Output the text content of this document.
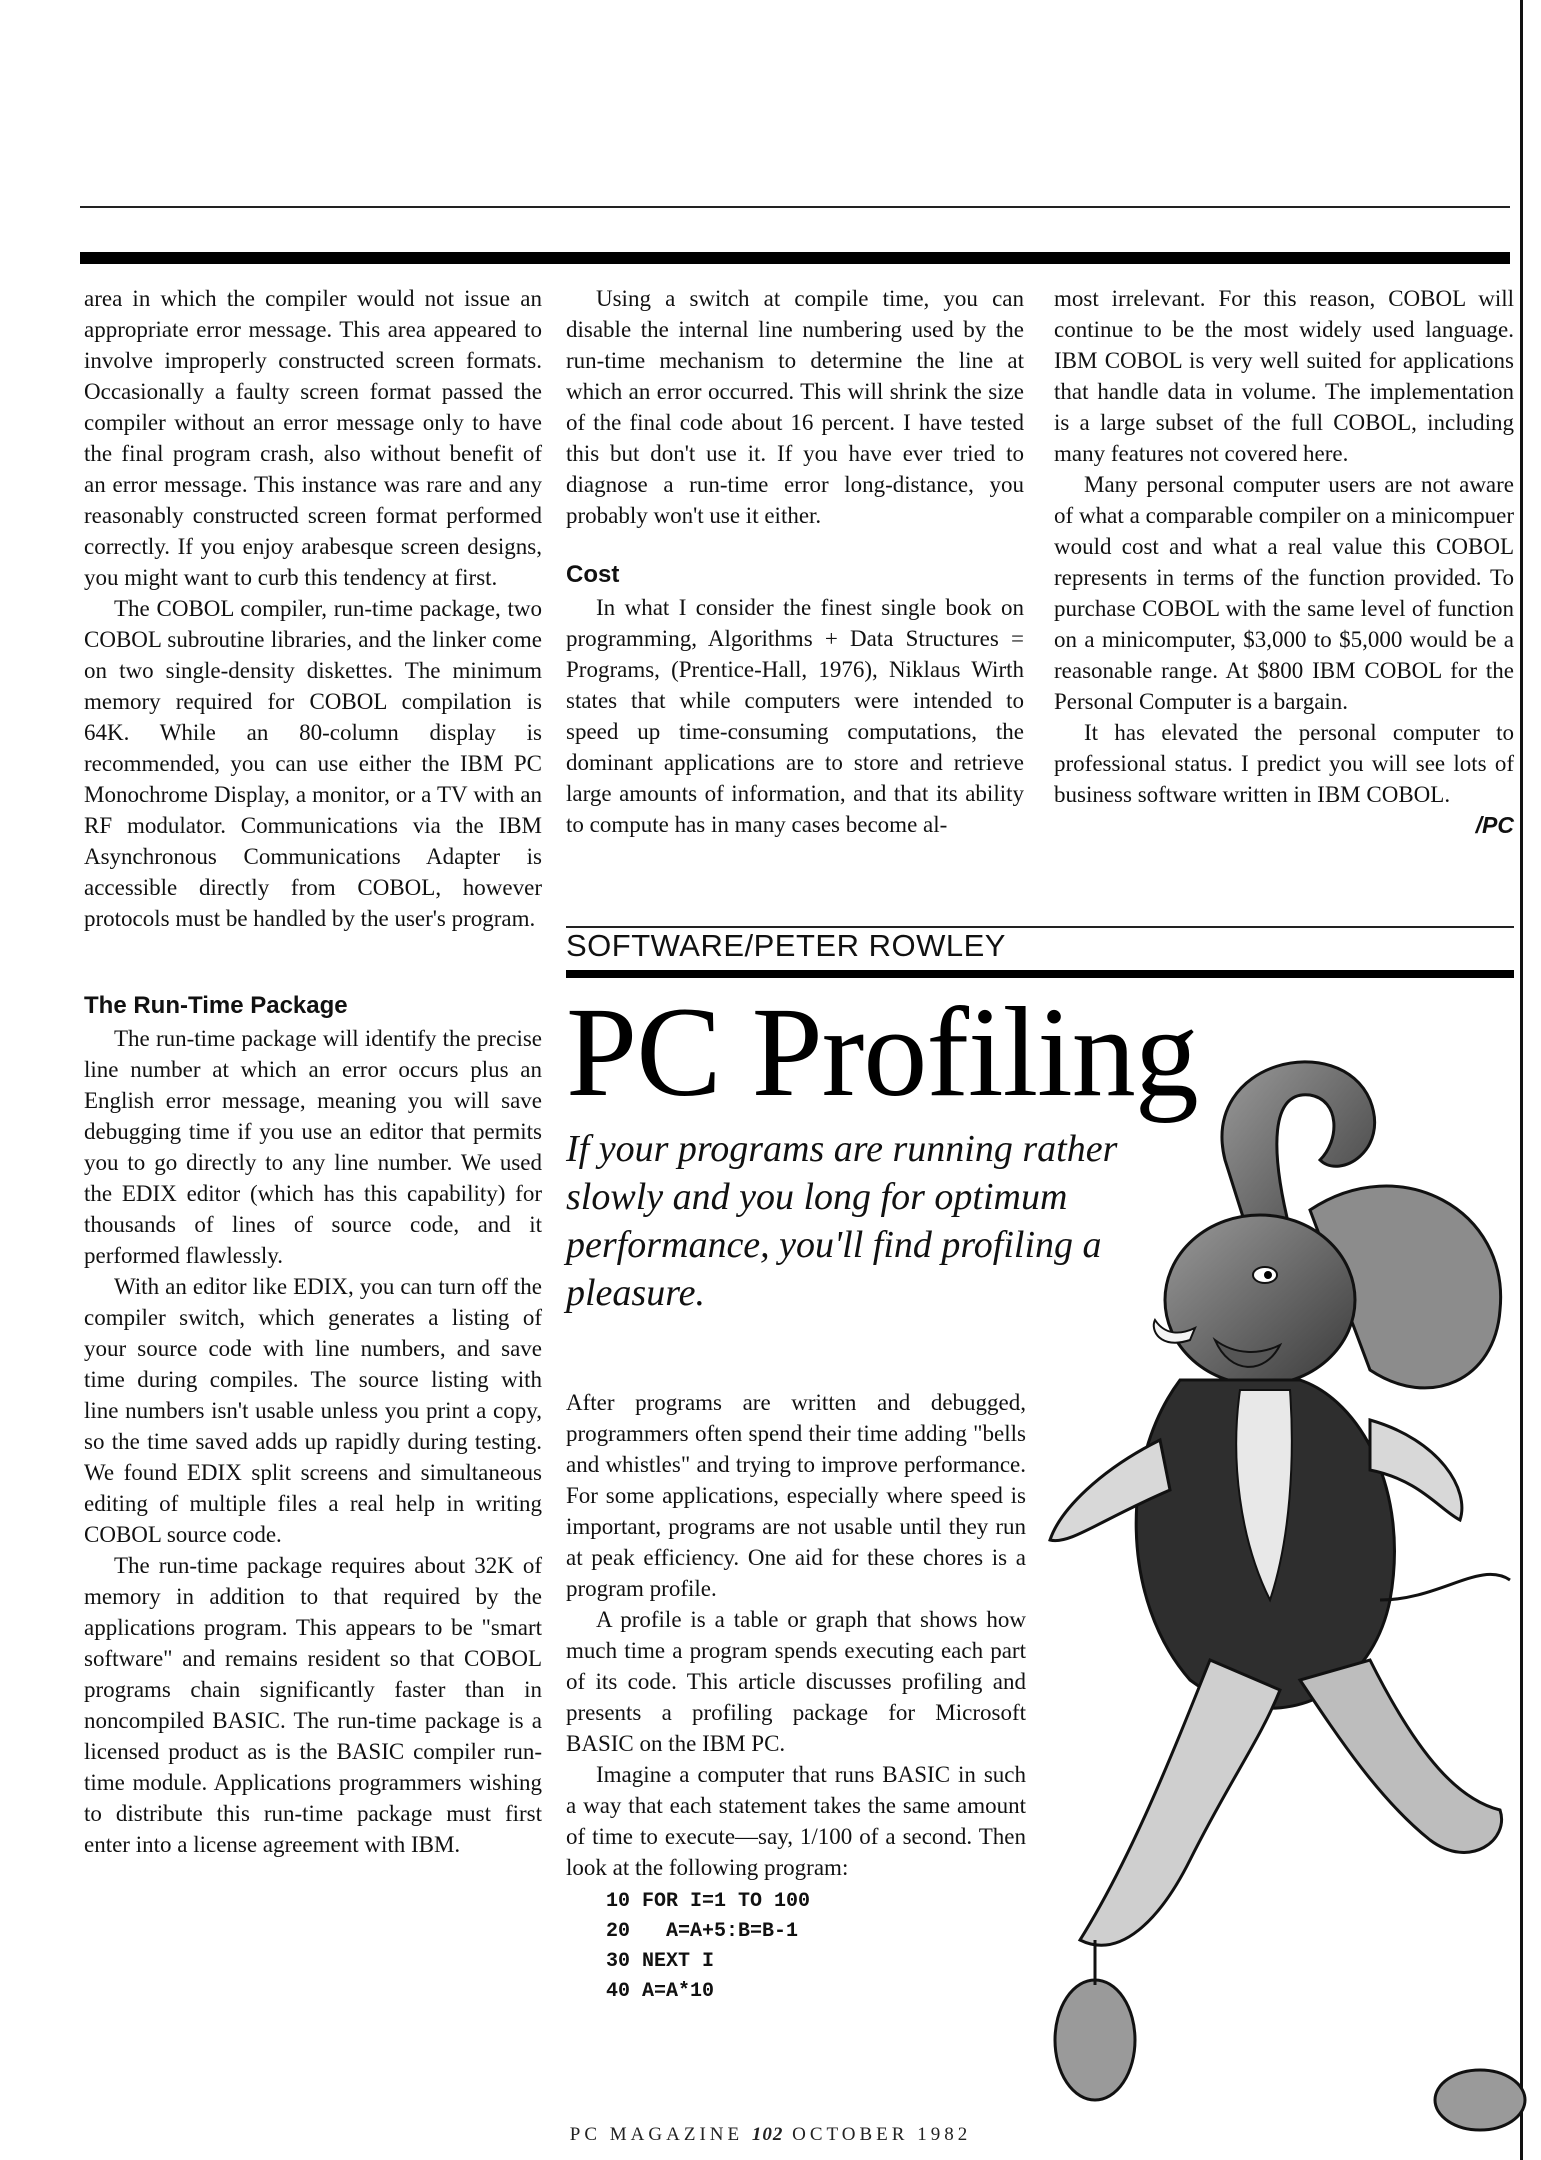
area in which the compiler would not issue an appropriate error message. This area appeared to involve improperly constructed screen formats. Occasionally a faulty screen format passed the compiler without an error message only to have the final program crash, also without benefit of an error message. This instance was rare and any reasonably constructed screen format performed correctly. If you enjoy arabesque screen designs, you might want to curb this tendency at first.

The COBOL compiler, run-time package, two COBOL subroutine libraries, and the linker come on two single-density diskettes. The minimum memory required for COBOL compilation is 64K. While an 80-column display is recommended, you can use either the IBM PC Monochrome Display, a monitor, or a TV with an RF modulator. Communications via the IBM Asynchronous Communications Adapter is accessible directly from COBOL, however protocols must be handled by the user's program.

The Run-Time Package

The run-time package will identify the precise line number at which an error occurs plus an English error message, meaning you will save debugging time if you use an editor that permits you to go directly to any line number. We used the EDIX editor (which has this capability) for thousands of lines of source code, and it performed flawlessly.

With an editor like EDIX, you can turn off the compiler switch, which generates a listing of your source code with line numbers, and save time during compiles. The source listing with line numbers isn't usable unless you print a copy, so the time saved adds up rapidly during testing. We found EDIX split screens and simultaneous editing of multiple files a real help in writing COBOL source code.

The run-time package requires about 32K of memory in addition to that required by the applications program. This appears to be "smart software" and remains resident so that COBOL programs chain significantly faster than in noncompiled BASIC. The run-time package is a licensed product as is the BASIC compiler run-time module. Applications programmers wishing to distribute this run-time package must first enter into a license agreement with IBM.

Using a switch at compile time, you can disable the internal line numbering used by the run-time mechanism to determine the line at which an error occurred. This will shrink the size of the final code about 16 percent. I have tested this but don't use it. If you have ever tried to diagnose a run-time error long-distance, you probably won't use it either.

Cost

In what I consider the finest single book on programming, Algorithms + Data Structures = Programs, (Prentice-Hall, 1976), Niklaus Wirth states that while computers were intended to speed up time-consuming computations, the dominant applications are to store and retrieve large amounts of information, and that its ability to compute has in many cases become al-

most irrelevant. For this reason, COBOL will continue to be the most widely used language. IBM COBOL is very well suited for applications that handle data in volume. The implementation is a large subset of the full COBOL, including many features not covered here.

Many personal computer users are not aware of what a comparable compiler on a minicompuer would cost and what a real value this COBOL represents in terms of the function provided. To purchase COBOL with the same level of function on a minicomputer, $3,000 to $5,000 would be a reasonable range. At $800 IBM COBOL for the Personal Computer is a bargain.

It has elevated the personal computer to professional status. I predict you will see lots of business software written in IBM COBOL.
/PC

SOFTWARE/PETER ROWLEY
PC Profiling
If your programs are running rather slowly and you long for optimum performance, you'll find profiling a pleasure.

After programs are written and debugged, programmers often spend their time adding "bells and whistles" and trying to improve performance. For some applications, especially where speed is important, programs are not usable until they run at peak efficiency. One aid for these chores is a program profile.

A profile is a table or graph that shows how much time a program spends executing each part of its code. This article discusses profiling and presents a profiling package for Microsoft BASIC on the IBM PC.

Imagine a computer that runs BASIC in such a way that each statement takes the same amount of time to execute—say, 1/100 of a second. Then look at the following program:

10 FOR I=1 TO 100
20   A=A+5:B=B-1
30 NEXT I
40 A=A*10
PC MAGAZINE 102 OCTOBER 1982
